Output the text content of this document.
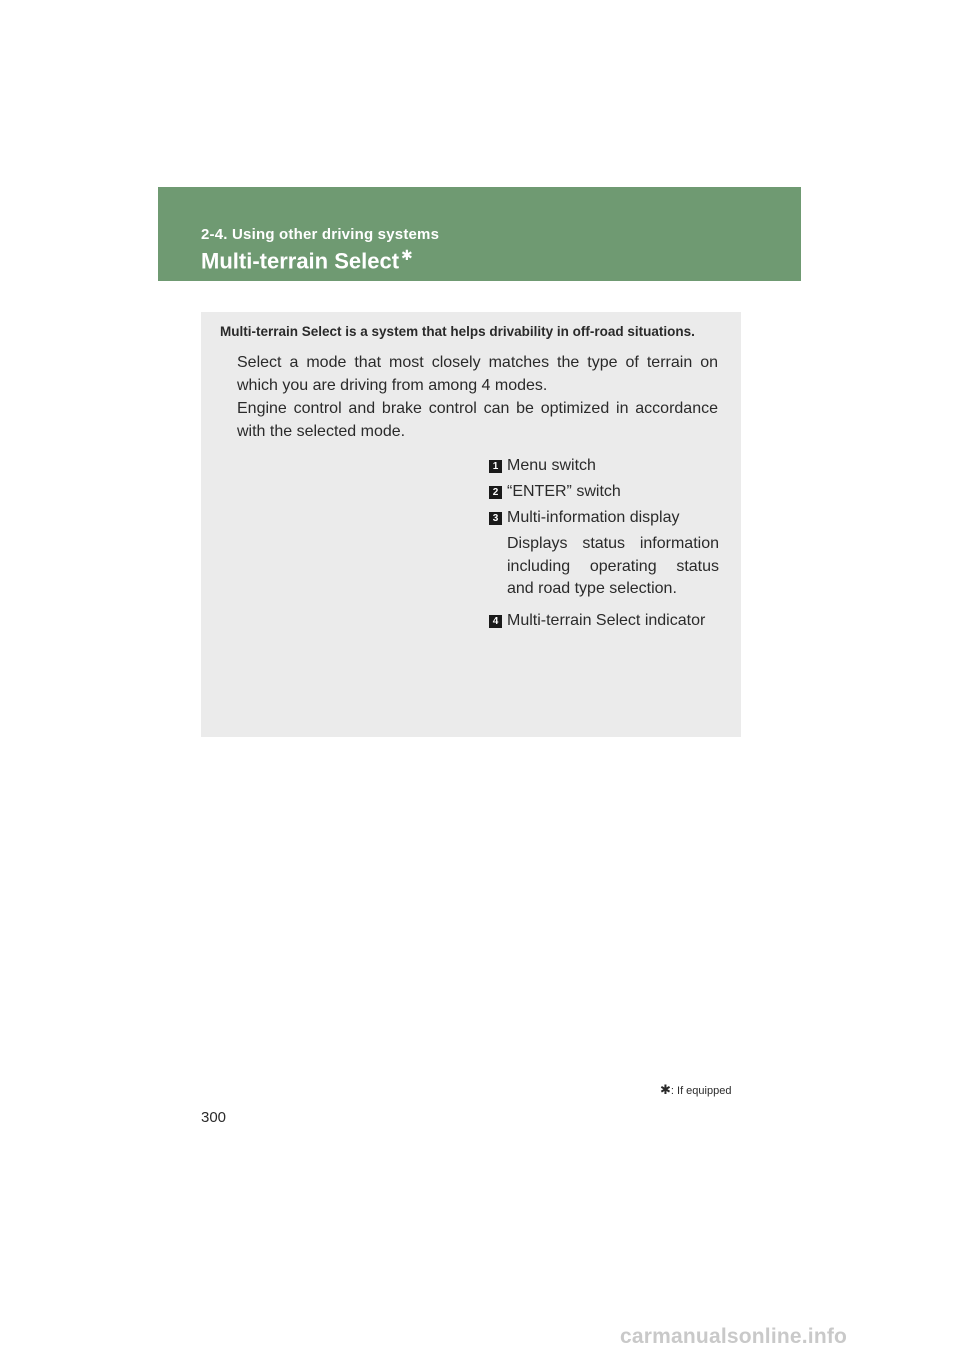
2-4. Using other driving systems
Multi-terrain Select ✱
Multi-terrain Select is a system that helps drivability in off-road situations.
Select a mode that most closely matches the type of terrain on which you are driving from among 4 modes.
Engine control and brake control can be optimized in accordance with the selected mode.
1 Menu switch
2 “ENTER” switch
3 Multi-information display
Displays status information including operating status and road type selection.
4 Multi-terrain Select indicator
✱: If equipped
300
carmanualsonline.info
